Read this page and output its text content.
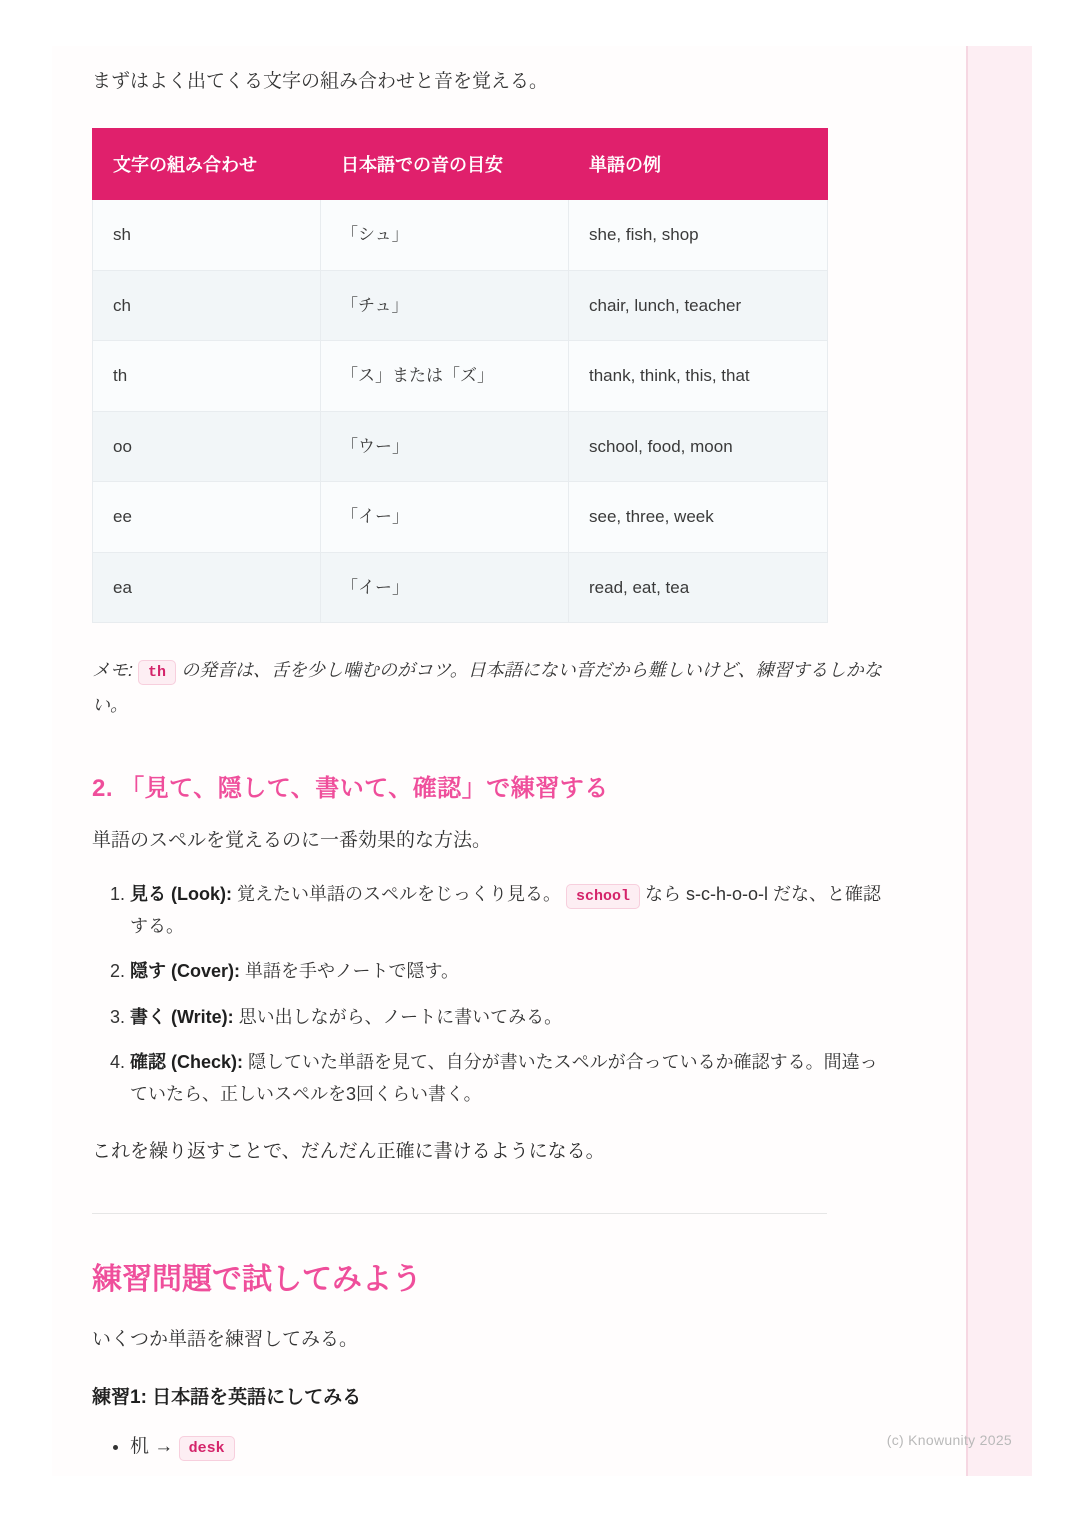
まずはよく出てくる文字の組み合わせと音を覚える。

文字の組み合わせ	日本語での音の目安	単語の例
sh	「シュ」	she, fish, shop
ch	「チュ」	chair, lunch, teacher
th	「ス」または「ズ」	thank, think, this, that
oo	「ウー」	school, food, moon
ee	「イー」	see, three, week
ea	「イー」	read, eat, tea

メモ: th の発音は、舌を少し噛むのがコツ。日本語にない音だから難しいけど、練習するしかない。

2. 「見て、隠して、書いて、確認」で練習する

単語のスペルを覚えるのに一番効果的な方法。

1. 見る (Look): 覚えたい単語のスペルをじっくり見る。 school なら s-c-h-o-o-l だな、と確認する。
2. 隠す (Cover): 単語を手やノートで隠す。
3. 書く (Write): 思い出しながら、ノートに書いてみる。
4. 確認 (Check): 隠していた単語を見て、自分が書いたスペルが合っているか確認する。間違っていたら、正しいスペルを3回くらい書く。

これを繰り返すことで、だんだん正確に書けるようになる。

練習問題で試してみよう

いくつか単語を練習してみる。

練習1: 日本語を英語にしてみる
• 机 → desk	(c) Knowunity 2025
